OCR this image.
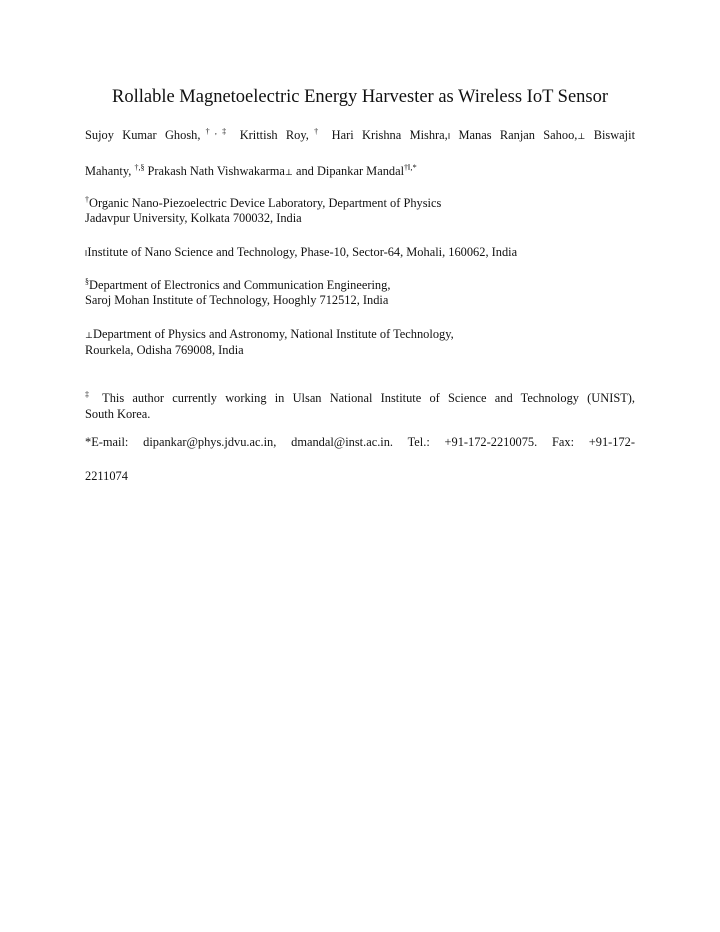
Rollable Magnetoelectric Energy Harvester as Wireless IoT Sensor
Sujoy Kumar Ghosh,†,‡ Krittish Roy,† Hari Krishna Mishra,‖ Manas Ranjan Sahoo,⊥ Biswajit
Mahanty, †,§ Prakash Nath Vishwakarma⊥ and Dipankar Mandal†‖,*
†Organic Nano-Piezoelectric Device Laboratory, Department of Physics
Jadavpur University, Kolkata 700032, India
‖Institute of Nano Science and Technology, Phase-10, Sector-64, Mohali, 160062, India
§Department of Electronics and Communication Engineering,
Saroj Mohan Institute of Technology, Hooghly 712512, India
⊥Department of Physics and Astronomy, National Institute of Technology,
Rourkela, Odisha 769008, India
‡ This author currently working in Ulsan National Institute of Science and Technology (UNIST),
South Korea.
*E-mail: dipankar@phys.jdvu.ac.in, dmandal@inst.ac.in. Tel.: +91-172-2210075. Fax: +91-172-
2211074
